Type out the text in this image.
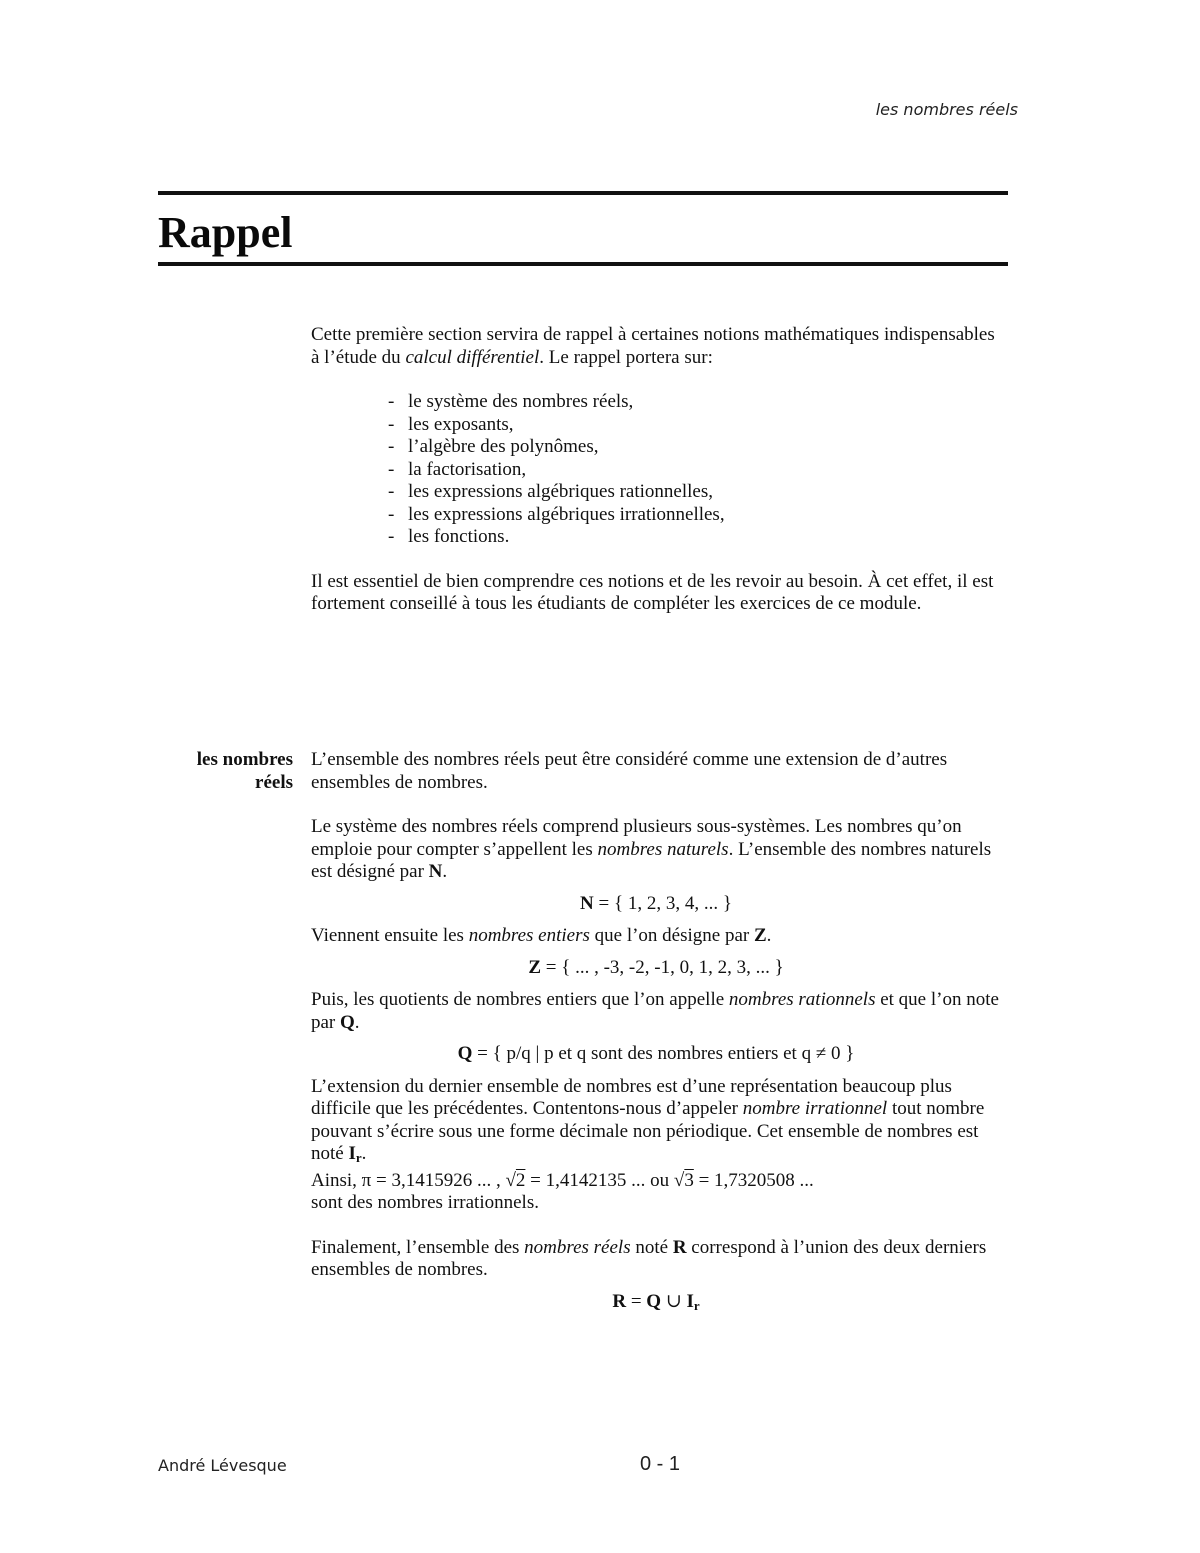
les nombres réels
Rappel

Cette première section servira de rappel à certaines notions mathématiques indispensables à l’étude du calcul différentiel. Le rappel portera sur:

- le système des nombres réels,
- les exposants,
- l’algèbre des polynômes,
- la factorisation,
- les expressions algébriques rationnelles,
- les expressions algébriques irrationnelles,
- les fonctions.

Il est essentiel de bien comprendre ces notions et de les revoir au besoin. À cet effet, il est fortement conseillé à tous les étudiants de compléter les exercices de ce module.

les nombres
réels

L’ensemble des nombres réels peut être considéré comme une extension de d’autres ensembles de nombres.

Le système des nombres réels comprend plusieurs sous-systèmes. Les nombres qu’on emploie pour compter s’appellent les nombres naturels. L’ensemble des nombres naturels est désigné par N.

N = { 1, 2, 3, 4, ... }

Viennent ensuite les nombres entiers que l’on désigne par Z.

Z = { ... , -3, -2, -1, 0, 1, 2, 3, ... }

Puis, les quotients de nombres entiers que l’on appelle nombres rationnels et que l’on note par Q.

Q = { p/q | p et q sont des nombres entiers et q ≠ 0 }

L’extension du dernier ensemble de nombres est d’une représentation beaucoup plus difficile que les précédentes. Contentons-nous d’appeler nombre irrationnel tout nombre pouvant s’écrire sous une forme décimale non périodique. Cet ensemble de nombres est noté $I_r$.

Ainsi, π = 3,1415926 ... , √2 = 1,4142135 ... ou √3 = 1,7320508 ...

sont des nombres irrationnels.

Finalement, l’ensemble des nombres réels noté R correspond à l’union des deux derniers ensembles de nombres.

R = Q ∪ $I_r$
André Lévesque	0 - 1
